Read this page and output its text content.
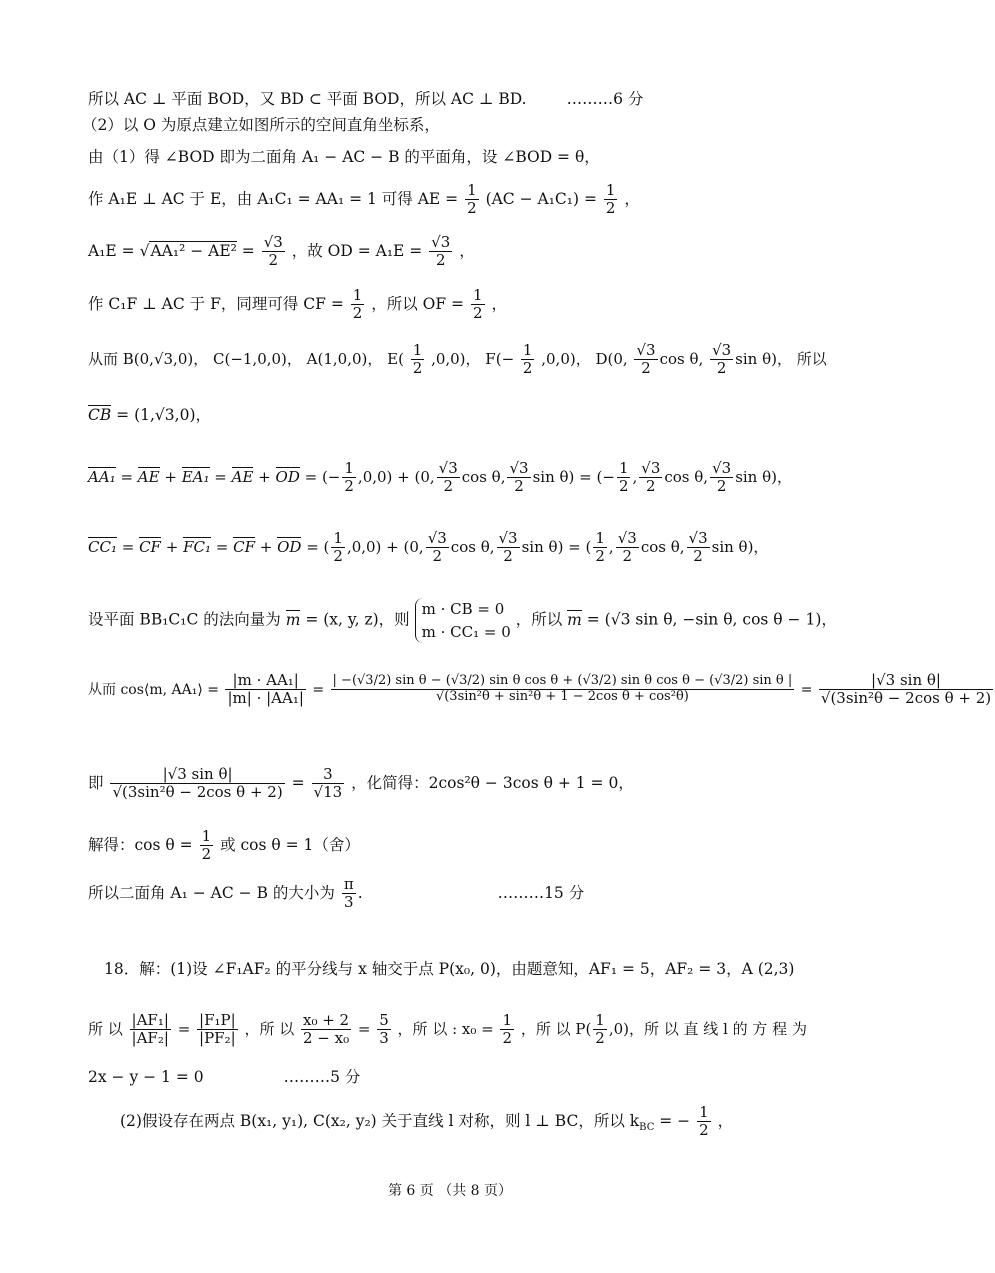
所以 AC ⊥ 平面 BOD，又 BD ⊂ 平面 BOD，所以 AC ⊥ BD.	………6 分
（2）以 O 为原点建立如图所示的空间直角坐标系，
由（1）得 ∠BOD 即为二面角 A₁ − AC − B 的平面角，设 ∠BOD = θ，
作 A₁E ⊥ AC 于 E，由 A₁C₁ = AA₁ = 1 可得 AE = $\frac{1}{2} (AC - A_1C_1) = \frac{1}{2}$ ，
$A_1E = √AA_1^2 - AE^2 = \frac{√3}{2}$ ，故 OD = $A_1E = \frac{√3}{2}$ ，
作 C₁F ⊥ AC 于 F，同理可得 CF = $\frac{1}{2}$ ，所以 OF = $\frac{1}{2}$ ，
从而 B(0,√3,0)， C(−1,0,0)， A(1,0,0)， $E( \frac{1}{2} ,0,0)$， $F(- \frac{1}{2} ,0,0)$， D(0, $\frac{√3}{2}$ cos θ, $\frac{√3}{2}$ sin θ)， 所以
CB = (1,√3,0)，
AA₁ = AE + EA₁ = AE + OD = (− $\frac{1}{2} ,0,0) + (0$, $\frac{√3}{2}$ cos θ, $\frac{√3}{2}$ sin θ) = (− $\frac{1}{2}$ , $\frac{√3}{2}$ cos θ, $\frac{√3}{2}$ sin θ)，
CC₁ = CF + FC₁ = CF + OD = ( $\frac{1}{2} ,0,0) + (0$, $\frac{√3}{2}$ cos θ, $\frac{√3}{2}$ sin θ) = ( $\frac{1}{2}$ , $\frac{√3}{2}$ cos θ, $\frac{√3}{2}$ sin θ)，
设平面 BB₁C₁C 的法向量为 m = (x, y, z)，则
m · CB = 0
m · CC₁ = 0
，所以 m = (√3 sin θ, −sin θ, cos θ − 1)，
从而 cos⟨m, AA₁⟩ = $\frac{\text{|m · AA₁|}}{\text{|m| · |AA₁|}}$ =
| −(√3/2) sin θ − (√3/2) sin θ cos θ + (√3/2) sin θ cos θ − (√3/2) sin θ |
√(3sin²θ + sin²θ + 1 − 2cos θ + cos²θ)	= $\frac{\text{|√3 sin θ|}}{\text{√(3sin²θ − 2cos θ + 2)}}$
即 $\frac{\text{|√3 sin θ|}}{\text{√(3sin²θ − 2cos θ + 2)}} = \frac{3}{√13}$ ，化简得：2cos²θ − 3cos θ + 1 = 0，
解得：$\cos \theta = \frac{1}{2}$ 或 cos θ = 1（舍）
所以二面角 A₁ − AC − B 的大小为 $\frac{\pi}{3}$ .	………15 分
18．解：(1)设 ∠F₁AF₂ 的平分线与 x 轴交于点 P(x₀, 0)，由题意知，AF₁ = 5，AF₂ = 3，A (2,3)
所 以 $\frac{\text{|AF₁|}}{\text{|AF₂|}} = \frac{\text{|F₁P|}}{\text{|PF₂|}}$ ，所 以 $\frac{\text{x₀ + 2}}{\text{2 − x₀}} = \frac{5}{3}$ ，所 以 : $x_0 = \frac{1}{2}$ ，所 以 $P( \frac{1}{2} ,0)$，所 以 直 线 l 的 方 程 为
2x − y − 1 = 0	………5 分
(2)假设存在两点 B(x₁, y₁), C(x₂, y₂) 关于直线 l 对称，则 l ⊥ BC，所以 $k_{BC}$ = − $\frac{1}{2}$ ，
第 6 页 （共 8 页）
